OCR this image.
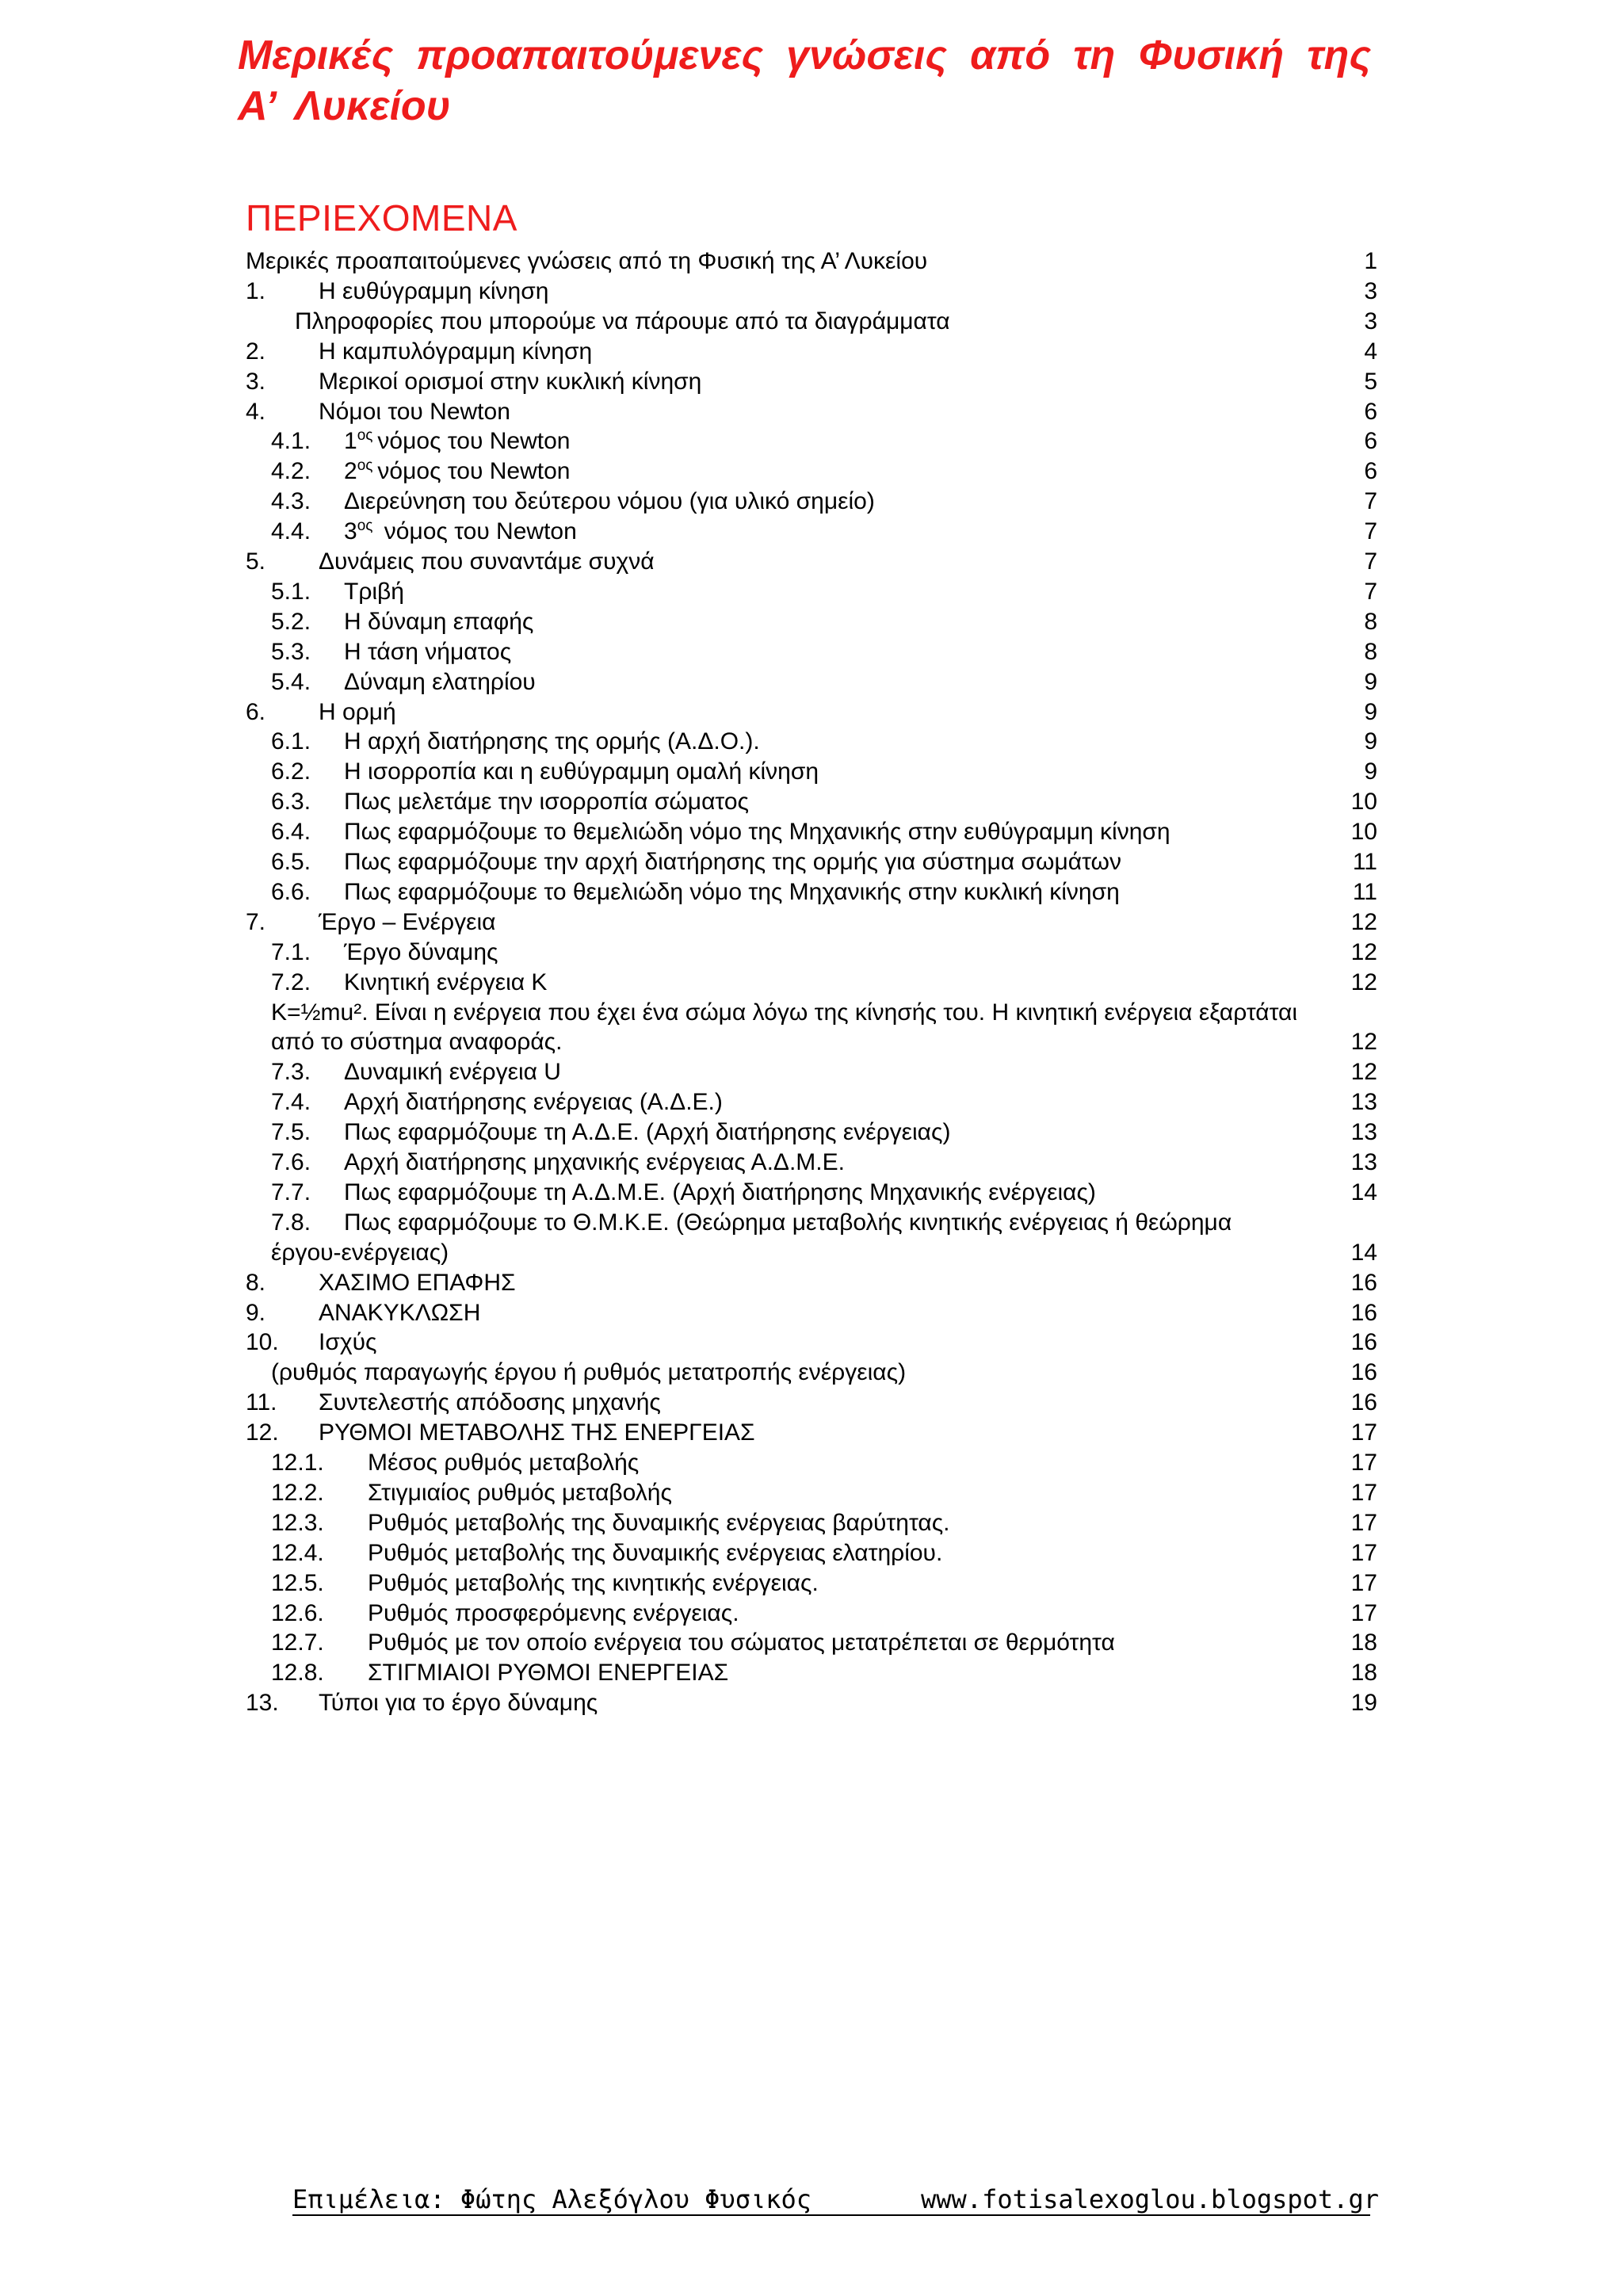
Μερικές προαπαιτούμενες γνώσεις από τη Φυσική της Α’ Λυκείου
ΠΕΡΙΕΧΟΜΕΝΑ
Μερικές προαπαιτούμενες γνώσεις από τη Φυσική της Α’ Λυκείου	1
1. Η ευθύγραμμη κίνηση	3
Πληροφορίες που μπορούμε να πάρουμε από τα διαγράμματα	3
2. Η καμπυλόγραμμη κίνηση	4
3. Μερικοί ορισμοί στην κυκλική κίνηση	5
4. Νόμοι του Newton	6
4.1. $1^{o\varsigma}$ νόμος του Newton	6
4.2. $2^{o\varsigma}$ νόμος του Newton	6
4.3. Διερεύνηση του δεύτερου νόμου (για υλικό σημείο)	7
4.4. $3^{o\varsigma}$ νόμος του Newton	7
5. Δυνάμεις που συναντάμε συχνά	7
5.1. Τριβή	7
5.2. Η δύναμη επαφής	8
5.3. Η τάση νήματος	8
5.4. Δύναμη ελατηρίου	9
6. Η ορμή	9
6.1. Η αρχή διατήρησης της ορμής (Α.Δ.Ο.).	9
6.2. Η ισορροπία και η ευθύγραμμη ομαλή κίνηση	9
6.3. Πως μελετάμε την ισορροπία σώματος	10
6.4. Πως εφαρμόζουμε το θεμελιώδη νόμο της Μηχανικής στην ευθύγραμμη κίνηση	10
6.5. Πως εφαρμόζουμε την αρχή διατήρησης της ορμής για σύστημα σωμάτων	11
6.6. Πως εφαρμόζουμε το θεμελιώδη νόμο της Μηχανικής στην κυκλική κίνηση	11
7. Έργο – Ενέργεια	12
7.1. Έργο δύναμης	12
7.2. Κινητική ενέργεια Κ	12
Κ=½mu². Είναι η ενέργεια που έχει ένα σώμα λόγω της κίνησής του. Η κινητική ενέργεια εξαρτάται
από το σύστημα αναφοράς.	12
7.3. Δυναμική ενέργεια U	12
7.4. Αρχή διατήρησης ενέργειας (Α.Δ.Ε.)	13
7.5. Πως εφαρμόζουμε τη Α.Δ.Ε. (Αρχή διατήρησης ενέργειας)	13
7.6. Αρχή διατήρησης μηχανικής ενέργειας Α.Δ.Μ.Ε.	13
7.7. Πως εφαρμόζουμε τη Α.Δ.Μ.Ε. (Αρχή διατήρησης Μηχανικής ενέργειας)	14
7.8. Πως εφαρμόζουμε το Θ.Μ.Κ.Ε. (Θεώρημα μεταβολής κινητικής ενέργειας ή θεώρημα
έργου-ενέργειας)	14
8. ΧΑΣΙΜΟ ΕΠΑΦΗΣ	16
9. ΑΝΑΚΥΚΛΩΣΗ	16
10. Ισχύς	16
(ρυθμός παραγωγής έργου ή ρυθμός μετατροπής ενέργειας)	16
11. Συντελεστής απόδοσης μηχανής	16
12. ΡΥΘΜΟΙ ΜΕΤΑΒΟΛΗΣ ΤΗΣ ΕΝΕΡΓΕΙΑΣ	17
12.1. Μέσος ρυθμός μεταβολής	17
12.2. Στιγμιαίος ρυθμός μεταβολής	17
12.3. Ρυθμός μεταβολής της δυναμικής ενέργειας βαρύτητας.	17
12.4. Ρυθμός μεταβολής της δυναμικής ενέργειας ελατηρίου.	17
12.5. Ρυθμός μεταβολής της κινητικής ενέργειας.	17
12.6. Ρυθμός προσφερόμενης ενέργειας.	17
12.7. Ρυθμός με τον οποίο ενέργεια του σώματος μετατρέπεται σε θερμότητα	18
12.8. ΣΤΙΓΜΙΑΙΟΙ ΡΥΘΜΟΙ ΕΝΕΡΓΕΙΑΣ	18
13. Τύποι για το έργο δύναμης	19
Επιμέλεια: Φώτης Αλεξόγλου Φυσικός	www.fotisalexoglou.blogspot.gr
